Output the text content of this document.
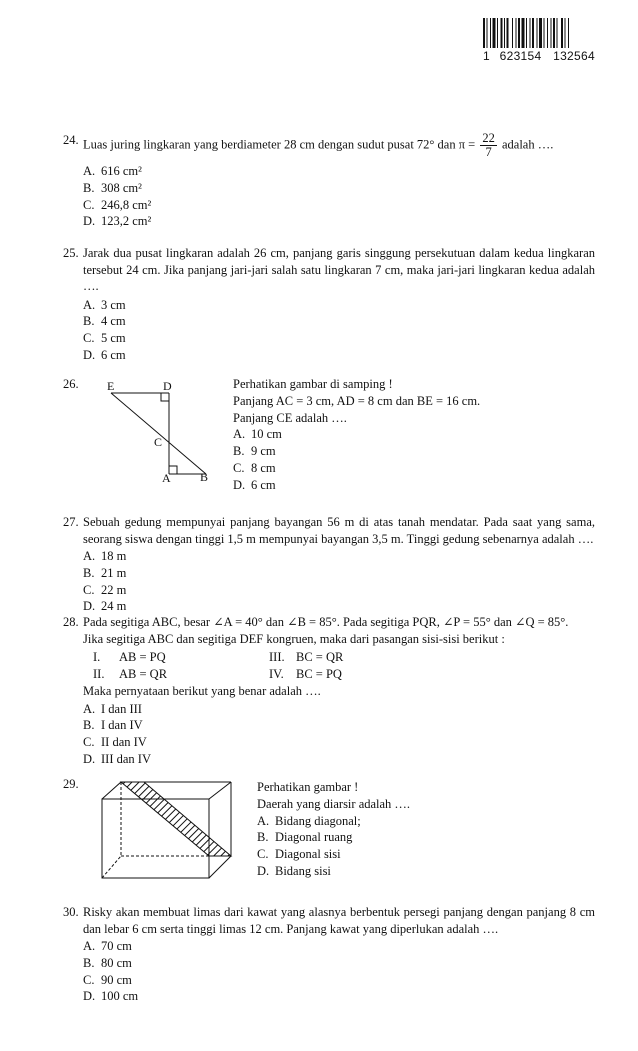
1 623154 132564
24. Luas juring lingkaran yang berdiameter 28 cm dengan sudut pusat 72° dan $\pi = \frac{22}{7}$ adalah ….
A. 616 cm²
B. 308 cm²
C. 246,8 cm²
D. 123,2 cm²
25. Jarak dua pusat lingkaran adalah 26 cm, panjang garis singgung persekutuan dalam kedua lingkaran tersebut 24 cm. Jika panjang jari-jari salah satu lingkaran 7 cm, maka jari-jari lingkaran kedua adalah ….
A. 3 cm
B. 4 cm
C. 5 cm
D. 6 cm
26. E	D
C
A B
Perhatikan gambar di samping !
Panjang AC = 3 cm, AD = 8 cm dan BE = 16 cm.
Panjang CE adalah ….
A. 10 cm
B. 9 cm
C. 8 cm
D. 6 cm
27. Sebuah gedung mempunyai panjang bayangan 56 m di atas tanah mendatar. Pada saat yang sama, seorang siswa dengan tinggi 1,5 m mempunyai bayangan 3,5 m. Tinggi gedung sebenarnya adalah ….
A. 18 m
B. 21 m
C. 22 m
D. 24 m
28. Pada segitiga ABC, besar ∠A = 40° dan ∠B = 85°. Pada segitiga PQR, ∠P = 55° dan ∠Q = 85°.
Jika segitiga ABC dan segitiga DEF kongruen, maka dari pasangan sisi-sisi berikut :
I. AB = PQ	III. BC = QR
II. AB = QR	IV. BC = PQ
Maka pernyataan berikut yang benar adalah ….
A. I dan III
B. I dan IV
C. II dan IV
D. III dan IV
29.	Perhatikan gambar !
Daerah yang diarsir adalah ….
A. Bidang diagonal;
B. Diagonal ruang
C. Diagonal sisi
D. Bidang sisi
30. Risky akan membuat limas dari kawat yang alasnya berbentuk persegi panjang dengan panjang 8 cm dan lebar 6 cm serta tinggi limas 12 cm. Panjang kawat yang diperlukan adalah ….
A. 70 cm
B. 80 cm
C. 90 cm
D. 100 cm
